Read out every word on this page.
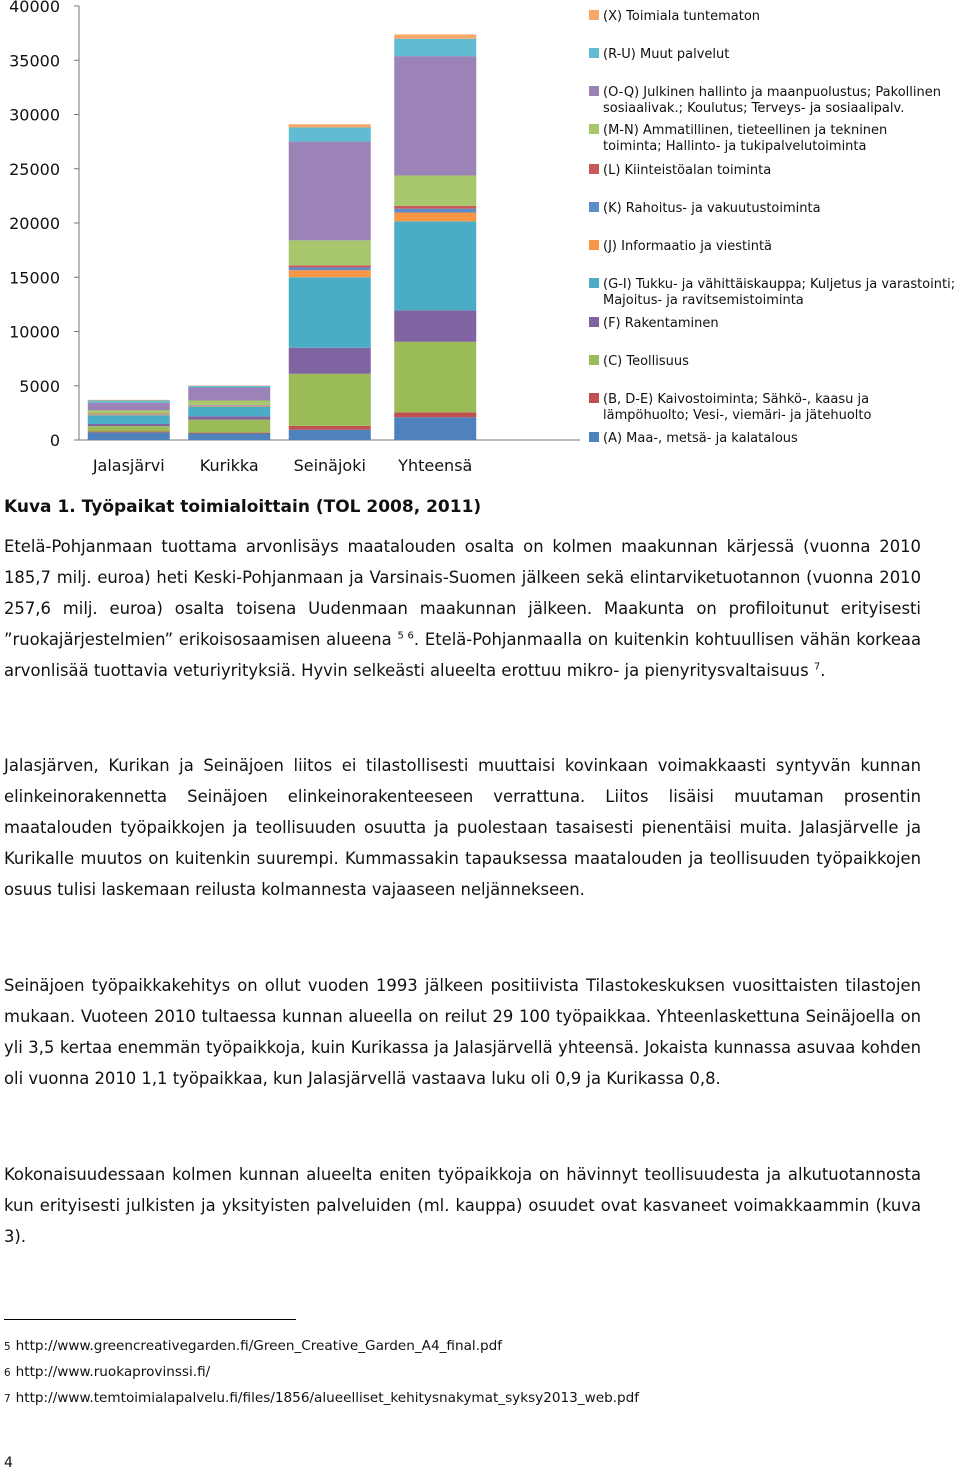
0
5000
10000
15000
20000
25000
30000
35000
40000
Jalasjärvi Kurikka Seinäjoki Yhteensä
(X) Toimiala tuntematon
(R-U) Muut palvelut
(O-Q) Julkinen hallinto ja maanpuolustus; Pakollinen sosiaalivak.; Koulutus; Terveys- ja sosiaalipalv.
(M-N) Ammatillinen, tieteellinen ja tekninen toiminta; Hallinto- ja tukipalvelutoiminta
(L) Kiinteistöalan toiminta
(K) Rahoitus- ja vakuutustoiminta
(J) Informaatio ja viestintä
(G-I) Tukku- ja vähittäiskauppa; Kuljetus ja varastointi; Majoitus- ja ravitsemistoiminta
(F) Rakentaminen
(C) Teollisuus
(B, D-E) Kaivostoiminta; Sähkö-, kaasu ja lämpöhuolto; Vesi-, viemäri- ja jätehuolto
(A) Maa-, metsä- ja kalatalous

Kuva 1. Työpaikat toimialoittain (TOL 2008, 2011)

Etelä-Pohjanmaan tuottama arvonlisäys maatalouden osalta on kolmen maakunnan kärjessä (vuonna 2010 185,7 milj. euroa) heti Keski-Pohjanmaan ja Varsinais-Suomen jälkeen sekä elintarviketuotannon (vuonna 2010 257,6 milj. euroa) osalta toisena Uudenmaan maakunnan jälkeen. Maakunta on profiloitunut erityisesti ”ruokajärjestelmien” erikoisosaamisen alueena $^{5 6}$. Etelä-Pohjanmaalla on kuitenkin kohtuullisen vähän korkeaa arvonlisää tuottavia veturiyrityksiä. Hyvin selkeästi alueelta erottuu mikro- ja pienyritysvaltaisuus $^7$.

Jalasjärven, Kurikan ja Seinäjoen liitos ei tilastollisesti muuttaisi kovinkaan voimakkaasti syntyvän kunnan elinkeinorakennetta Seinäjoen elinkeinorakenteeseen verrattuna. Liitos lisäisi muutaman prosentin maatalouden työpaikkojen ja teollisuuden osuutta ja puolestaan tasaisesti pienentäisi muita. Jalasjärvelle ja Kurikalle muutos on kuitenkin suurempi. Kummassakin tapauksessa maatalouden ja teollisuuden työpaikkojen osuus tulisi laskemaan reilusta kolmannesta vajaaseen neljännekseen.

Seinäjoen työpaikkakehitys on ollut vuoden 1993 jälkeen positiivista Tilastokeskuksen vuosittaisten tilastojen mukaan. Vuoteen 2010 tultaessa kunnan alueella on reilut 29 100 työpaikkaa. Yhteenlaskettuna Seinäjoella on yli 3,5 kertaa enemmän työpaikkoja, kuin Kurikassa ja Jalasjärvellä yhteensä. Jokaista kunnassa asuvaa kohden oli vuonna 2010 1,1 työpaikkaa, kun Jalasjärvellä vastaava luku oli 0,9 ja Kurikassa 0,8.

Kokonaisuudessaan kolmen kunnan alueelta eniten työpaikkoja on hävinnyt teollisuudesta ja alkutuotannosta kun erityisesti julkisten ja yksityisten palveluiden (ml. kauppa) osuudet ovat kasvaneet voimakkaammin (kuva 3).

5 http://www.greencreativegarden.fi/Green_Creative_Garden_A4_final.pdf

6 http://www.ruokaprovinssi.fi/

7 http://www.temtoimialapalvelu.fi/files/1856/alueelliset_kehitysnakymat_syksy2013_web.pdf

4
